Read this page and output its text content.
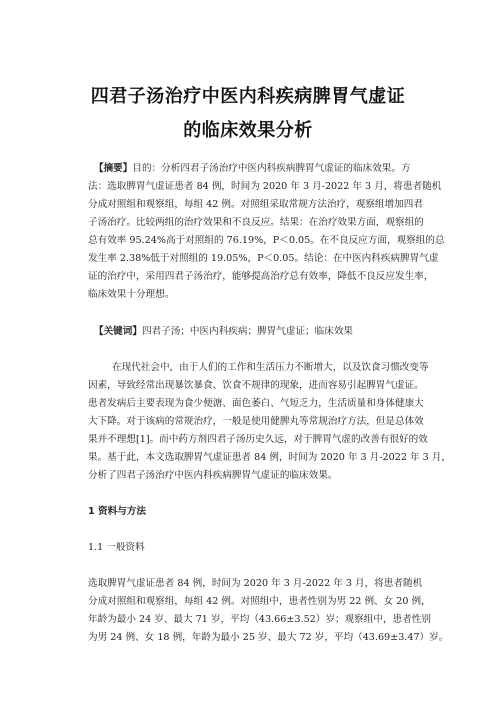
四君子汤治疗中医内科疾病脾胃气虚证
的临床效果分析
【摘要】目的：分析四君子汤治疗中医内科疾病脾胃气虚证的临床效果。方
法：选取脾胃气虚证患者 84 例，时间为 2020 年 3 月-2022 年 3 月，将患者随机
分成对照组和观察组，每组 42 例。对照组采取常规方法治疗，观察组增加四君
子汤治疗。比较两组的治疗效果和不良反应。结果：在治疗效果方面，观察组的
总有效率 95.24%高于对照组的 76.19%，P＜0.05。在不良反应方面，观察组的总
发生率 2.38%低于对照组的 19.05%，P＜0.05。结论：在中医内科疾病脾胃气虚
证的治疗中，采用四君子汤治疗，能够提高治疗总有效率，降低不良反应发生率，
临床效果十分理想。
【关键词】四君子汤；中医内科疾病；脾胃气虚证；临床效果
在现代社会中，由于人们的工作和生活压力不断增大，以及饮食习惯改变等
因素，导致经常出现暴饮暴食、饮食不规律的现象，进而容易引起脾胃气虚证。
患者发病后主要表现为食少便溏、面色萎白、气短乏力，生活质量和身体健康大
大下降。对于该病的常规治疗，一般是使用健脾丸等常规治疗方法，但是总体效
果并不理想[1]。而中药方剂四君子汤历史久远，对于脾胃气虚的改善有很好的效
果。基于此，本文选取脾胃气虚证患者 84 例，时间为 2020 年 3 月-2022 年 3 月，
分析了四君子汤治疗中医内科疾病脾胃气虚证的临床效果。
1 资料与方法
1.1 一般资料
选取脾胃气虚证患者 84 例，时间为 2020 年 3 月-2022 年 3 月，将患者随机
分成对照组和观察组，每组 42 例。对照组中，患者性别为男 22 例、女 20 例，
年龄为最小 24 岁、最大 71 岁，平均（43.66±3.52）岁；观察组中，患者性别
为男 24 例、女 18 例，年龄为最小 25 岁、最大 72 岁，平均（43.69±3.47）岁。
